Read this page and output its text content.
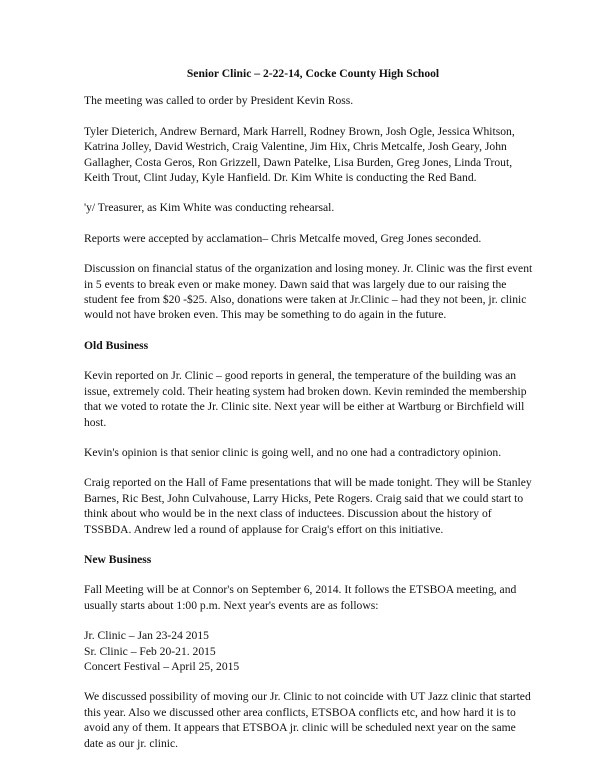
Senior Clinic – 2-22-14, Cocke County High School

The meeting was called to order by President Kevin Ross.

Tyler Dieterich, Andrew Bernard, Mark Harrell, Rodney Brown, Josh Ogle, Jessica Whitson, Katrina Jolley, David Westrich, Craig Valentine, Jim Hix, Chris Metcalfe, Josh Geary, John Gallagher, Costa Geros, Ron Grizzell, Dawn Patelke, Lisa Burden, Greg Jones, Linda Trout, Keith Trout, Clint Juday, Kyle Hanfield. Dr. Kim White is conducting the Red Band.

'y/ Treasurer, as Kim White was conducting rehearsal.

Reports were accepted by acclamation– Chris Metcalfe moved, Greg Jones seconded.

Discussion on financial status of the organization and losing money. Jr. Clinic was the first event in 5 events to break even or make money. Dawn said that was largely due to our raising the student fee from $20 -$25. Also, donations were taken at Jr.Clinic – had they not been, jr. clinic would not have broken even. This may be something to do again in the future.

Old Business

Kevin reported on Jr. Clinic – good reports in general, the temperature of the building was an issue, extremely cold. Their heating system had broken down. Kevin reminded the membership that we voted to rotate the Jr. Clinic site. Next year will be either at Wartburg or Birchfield will host.

Kevin's opinion is that senior clinic is going well, and no one had a contradictory opinion.

Craig reported on the Hall of Fame presentations that will be made tonight. They will be Stanley Barnes, Ric Best, John Culvahouse, Larry Hicks, Pete Rogers. Craig said that we could start to think about who would be in the next class of inductees. Discussion about the history of TSSBDA. Andrew led a round of applause for Craig's effort on this initiative.

New Business

Fall Meeting will be at Connor's on September 6, 2014. It follows the ETSBOA meeting, and usually starts about 1:00 p.m. Next year's events are as follows:

Jr. Clinic – Jan 23-24 2015

Sr. Clinic – Feb 20-21. 2015

Concert Festival – April 25, 2015

We discussed possibility of moving our Jr. Clinic to not coincide with UT Jazz clinic that started this year. Also we discussed other area conflicts, ETSBOA conflicts etc, and how hard it is to avoid any of them. It appears that ETSBOA jr. clinic will be scheduled next year on the same date as our jr. clinic.
